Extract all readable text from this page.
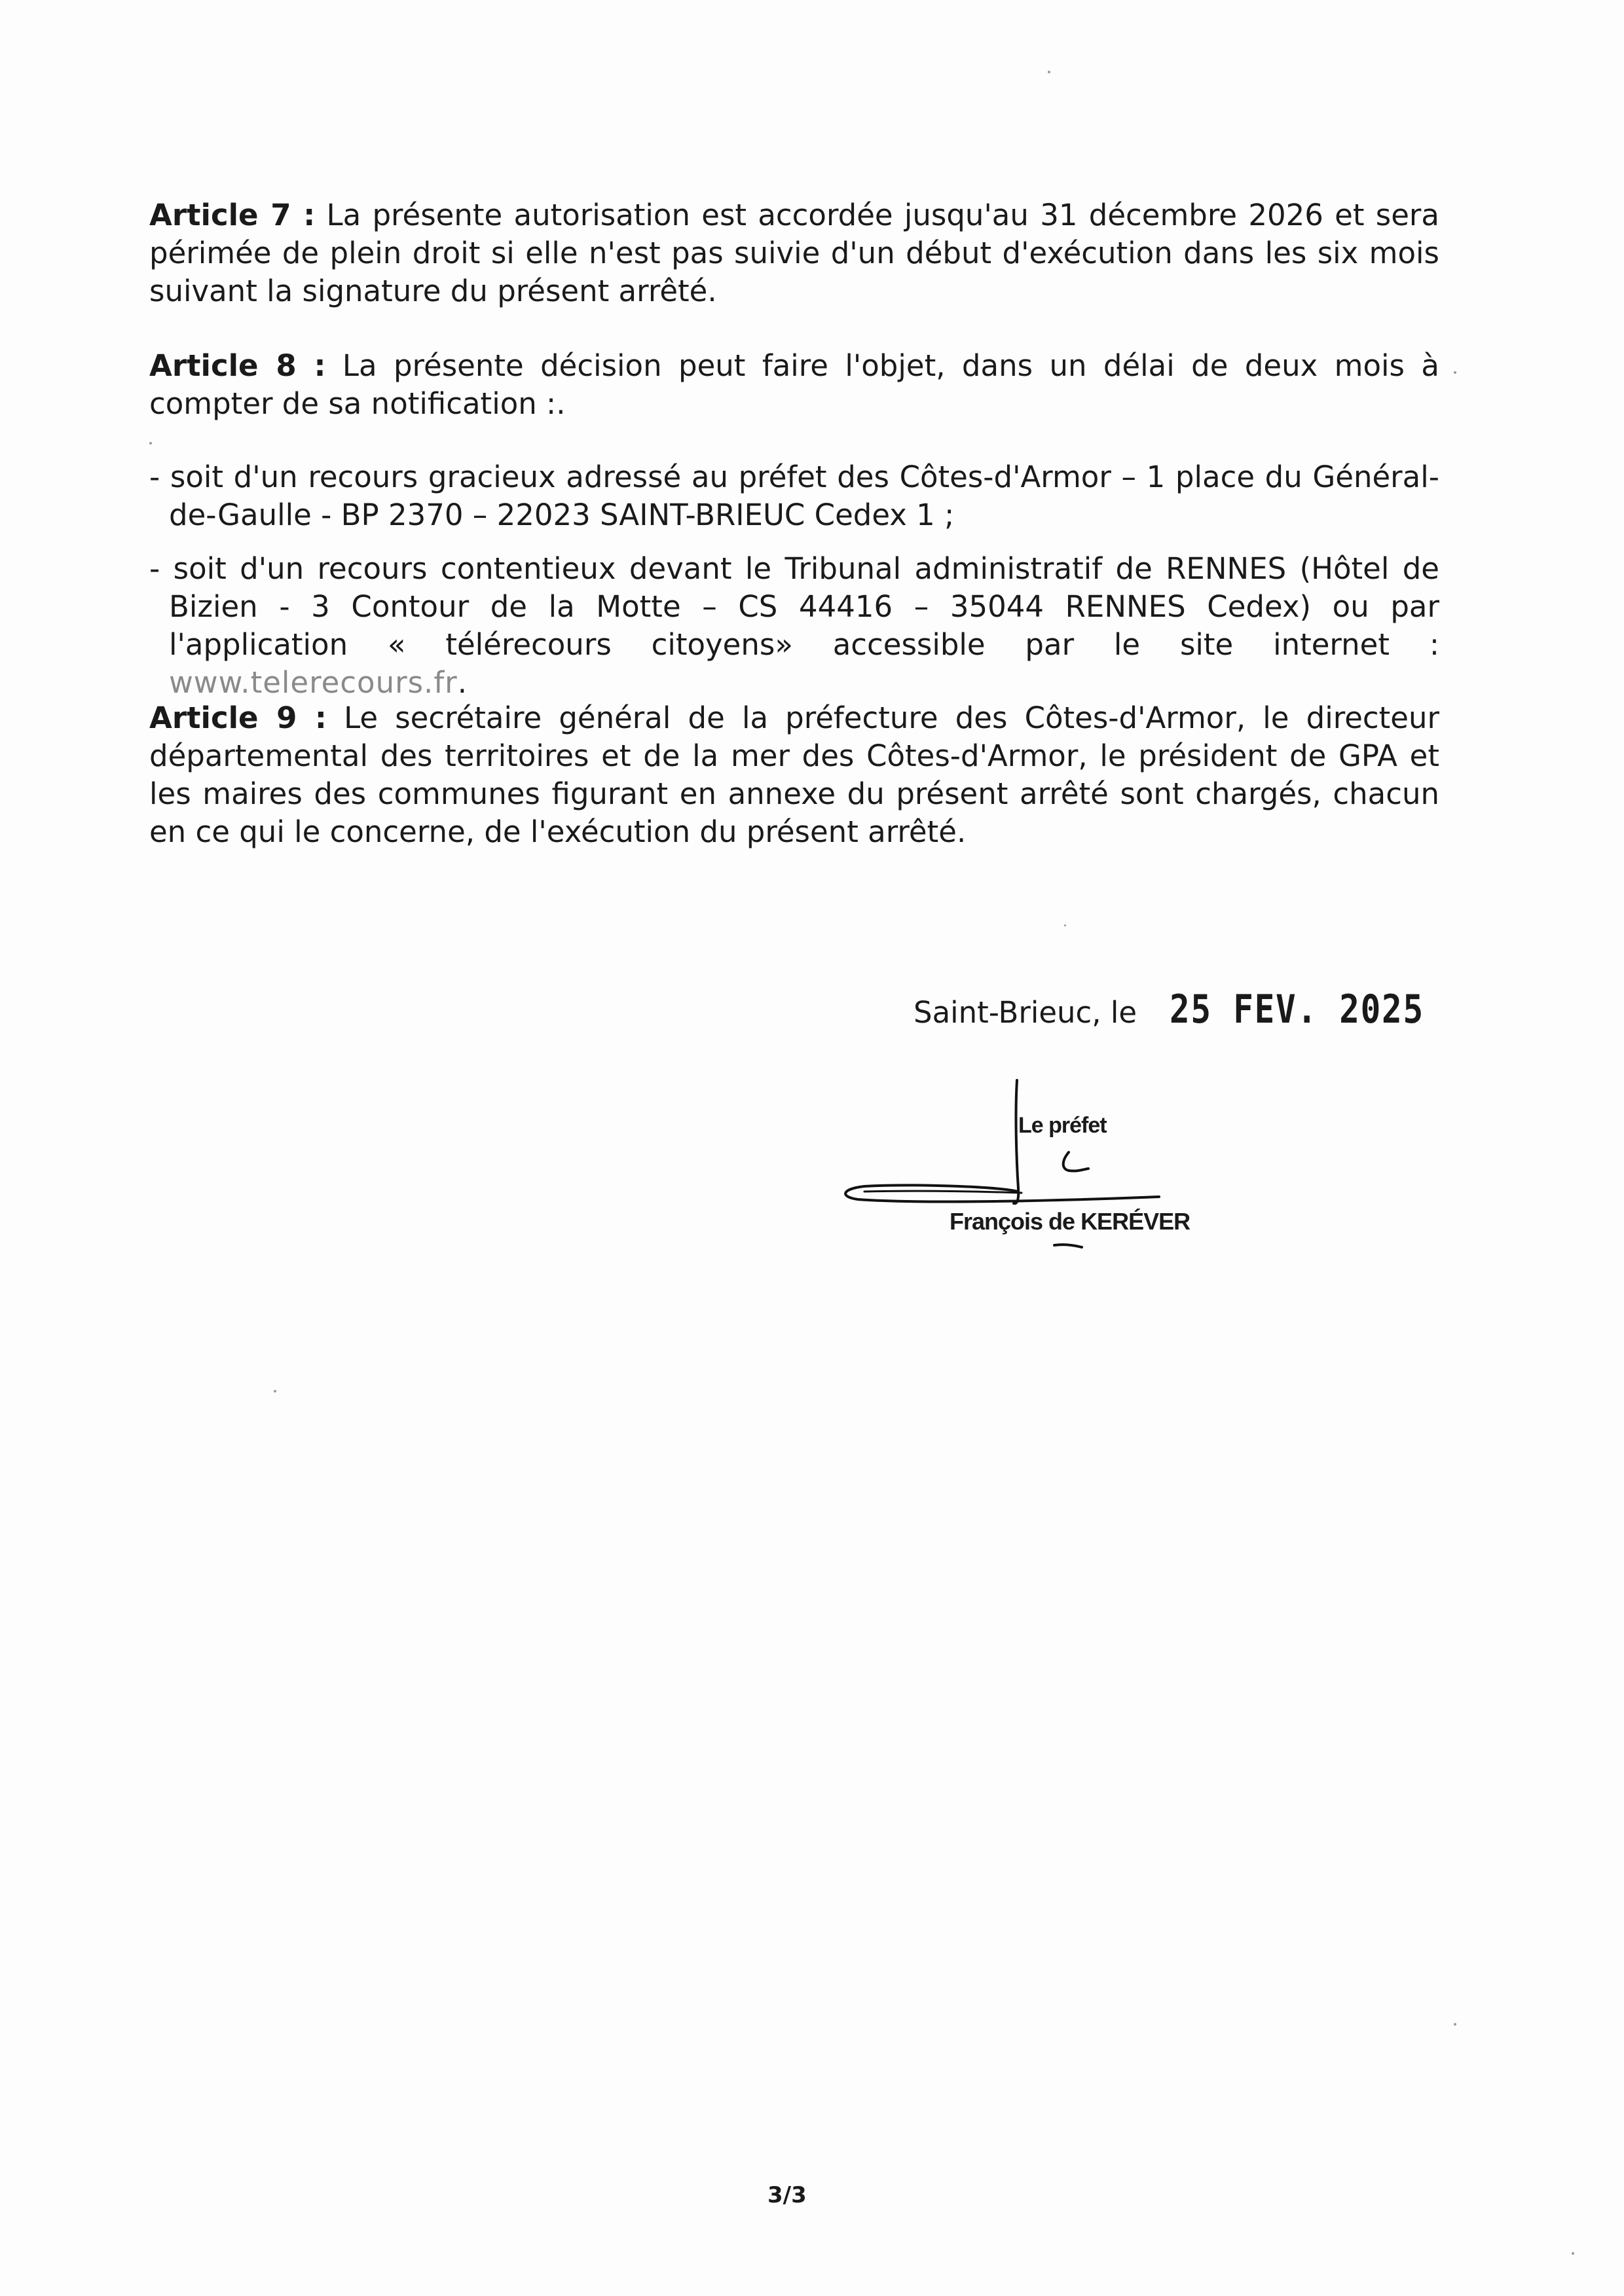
Article 7 : La présente autorisation est accordée jusqu'au 31 décembre 2026 et sera périmée de plein droit si elle n'est pas suivie d'un début d'exécution dans les six mois suivant la signature du présent arrêté.

Article 8 : La présente décision peut faire l'objet, dans un délai de deux mois à compter de sa notification :.

- soit d'un recours gracieux adressé au préfet des Côtes-d'Armor – 1 place du Général-de-Gaulle - BP 2370 – 22023 SAINT-BRIEUC Cedex 1 ;
- soit d'un recours contentieux devant le Tribunal administratif de RENNES (Hôtel de Bizien - 3 Contour de la Motte – CS 44416 – 35044 RENNES Cedex) ou par l'application « télérecours citoyens» accessible par le site internet : www.telerecours.fr.

Article 9 : Le secrétaire général de la préfecture des Côtes-d'Armor, le directeur départemental des territoires et de la mer des Côtes-d'Armor, le président de GPA et les maires des communes figurant en annexe du présent arrêté sont chargés, chacun en ce qui le concerne, de l'exécution du présent arrêté.

Saint-Brieuc, le 25 FEV. 2025
Le préfet
François de KERÉVER
3/3
